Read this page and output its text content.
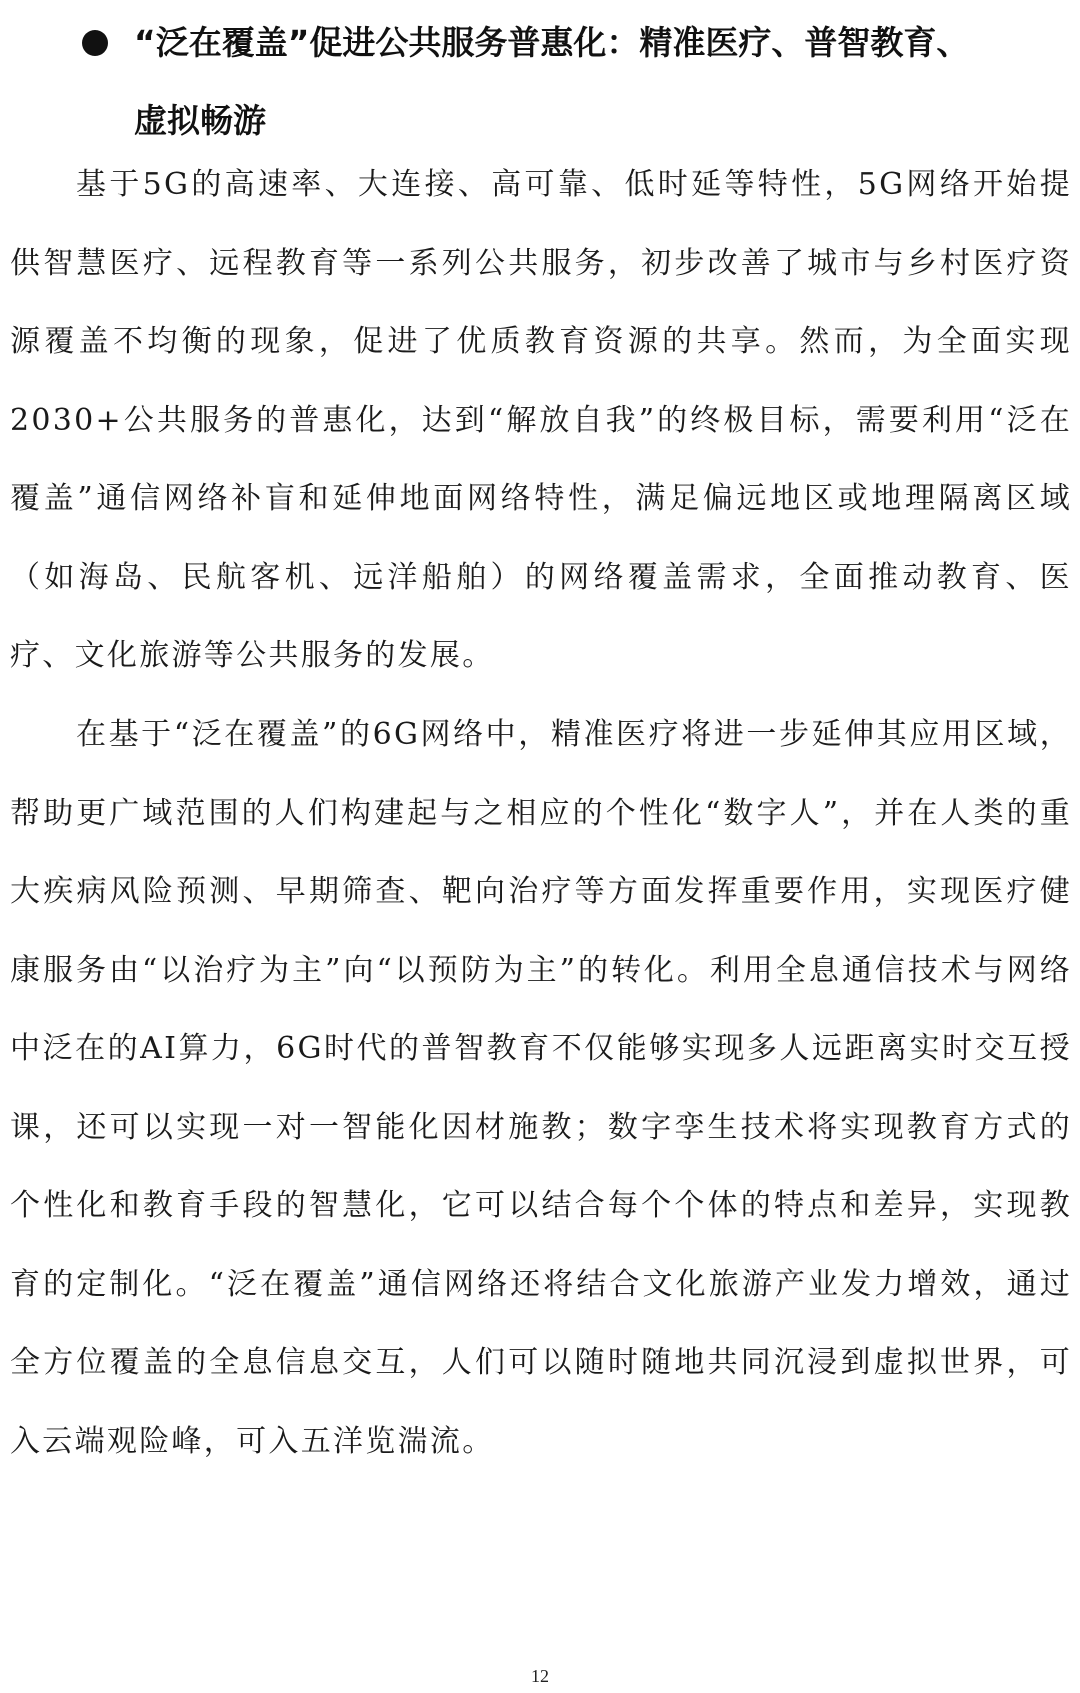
“泛在覆盖”促进公共服务普惠化：精准医疗、普智教育、
虚拟畅游

基于5G的高速率、大连接、高可靠、低时延等特性，5G网络开始提供智慧医疗、远程教育等一系列公共服务，初步改善了城市与乡村医疗资源覆盖不均衡的现象，促进了优质教育资源的共享。然而，为全面实现2030+公共服务的普惠化，达到“解放自我”的终极目标，需要利用“泛在覆盖”通信网络补盲和延伸地面网络特性，满足偏远地区或地理隔离区域（如海岛、民航客机、远洋船舶）的网络覆盖需求，全面推动教育、医疗、文化旅游等公共服务的发展。

在基于“泛在覆盖”的6G网络中，精准医疗将进一步延伸其应用区域，帮助更广域范围的人们构建起与之相应的个性化“数字人”，并在人类的重大疾病风险预测、早期筛查、靶向治疗等方面发挥重要作用，实现医疗健康服务由“以治疗为主”向“以预防为主”的转化。利用全息通信技术与网络中泛在的AI算力，6G时代的普智教育不仅能够实现多人远距离实时交互授课，还可以实现一对一智能化因材施教；数字孪生技术将实现教育方式的个性化和教育手段的智慧化，它可以结合每个个体的特点和差异，实现教育的定制化。“泛在覆盖”通信网络还将结合文化旅游产业发力增效，通过全方位覆盖的全息信息交互，人们可以随时随地共同沉浸到虚拟世界，可入云端观险峰，可入五洋览湍流。

12
